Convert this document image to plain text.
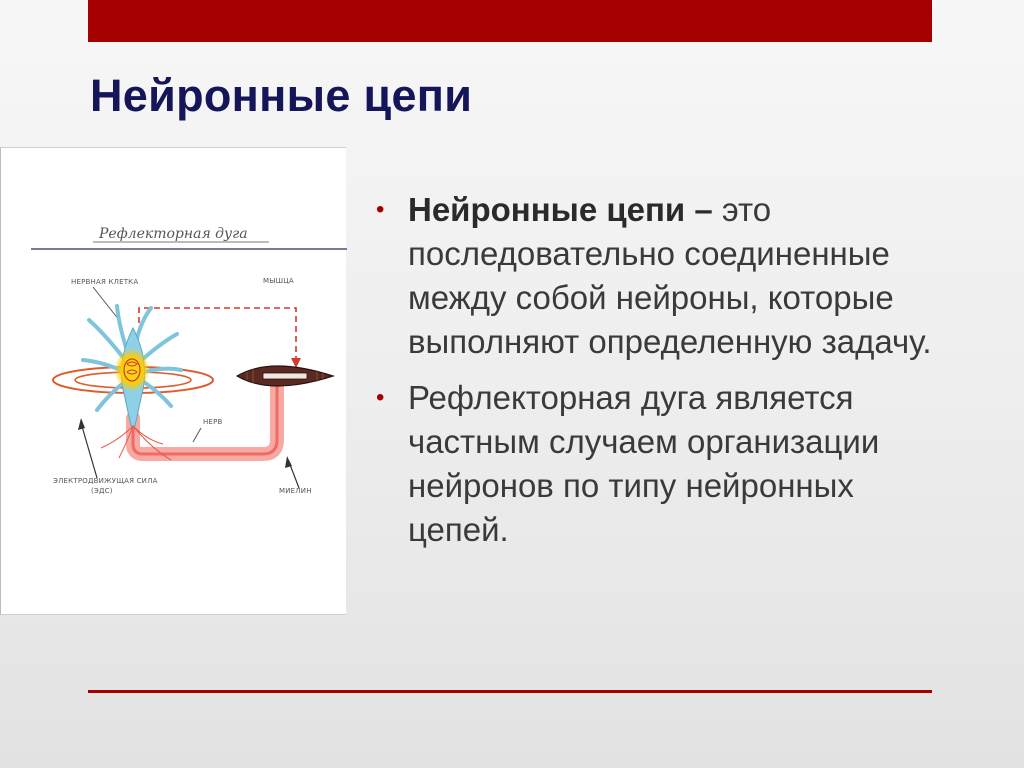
Нейронные цепи
Рефлекторная дуга
НЕРВНАЯ КЛЕТКА	МЫШЦА
НЕРВ
ЭЛЕКТРОДВИЖУЩАЯ СИЛА
(ЭДС)	МИЕЛИН
• Нейронные цепи – это последовательно соединенные между собой нейроны, которые выполняют определенную задачу.
• Рефлекторная дуга является частным случаем организации нейронов по типу нейронных цепей.
